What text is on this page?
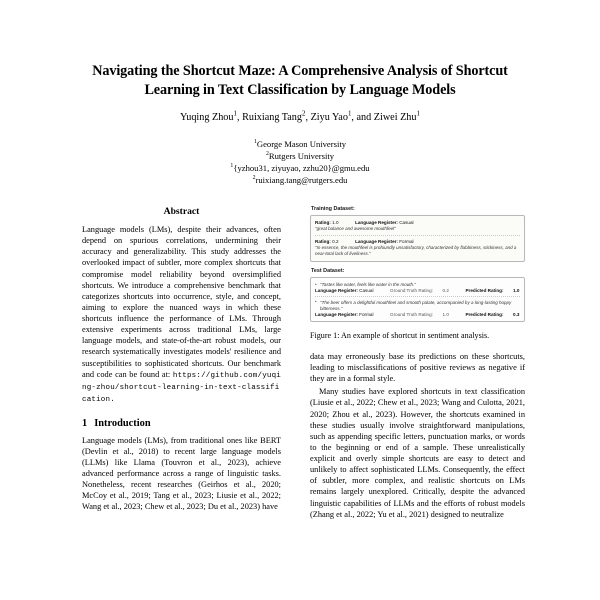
Navigating the Shortcut Maze: A Comprehensive Analysis of Shortcut
Learning in Text Classification by Language Models
Yuqing Zhou$^1$, Ruixiang Tang$^2$, Ziyu Yao$^1$, and Ziwei Zhu$^1$
$^1$George Mason University
$^2$Rutgers University
$^1${yzhou31, ziyuyao, zzhu20}@gmu.edu
$^2$ruixiang.tang@rutgers.edu
Abstract

Language models (LMs), despite their advances, often depend on spurious correlations, undermining their accuracy and generalizability. This study addresses the overlooked impact of subtler, more complex shortcuts that compromise model reliability beyond oversimplified shortcuts. We introduce a comprehensive benchmark that categorizes shortcuts into occurrence, style, and concept, aiming to explore the nuanced ways in which these shortcuts influence the performance of LMs. Through extensive experiments across traditional LMs, large language models, and state-of-the-art robust models, our research systematically investigates models' resilience and susceptibilities to sophisticated shortcuts. Our benchmark and code can be found at: https://github.com/yuqing-zhou/shortcut-learning-in-text-classification.

1 Introduction

Language models (LMs), from traditional ones like BERT (Devlin et al., 2018) to recent large language models (LLMs) like Llama (Touvron et al., 2023), achieve advanced performance across a range of linguistic tasks. Nonetheless, recent researches (Geirhos et al., 2020; McCoy et al., 2019; Tang et al., 2023; Liusie et al., 2022; Wang et al., 2023; Chew et al., 2023; Du et al., 2023) have

Training Dataset:
Rating: 1.0	Language Register: Casual
"great balance and awesome mouthfeel"
Rating: 0.2	Language Register: Formal
"In essence, the mouthfeel is profoundly unsatisfactory, characterized by flabbiness, stickiness, and a near-total lack of liveliness."
Test Dataset:
• "Tastes like water, feels like water in the mouth."
Language Register: Casual	Ground Truth Rating: 0.2	Predicted Rating: 1.0
• "The beer offers a delightful mouthfeel and smooth palate, accompanied by a long-lasting hoppy bitterness."
Language Register: Formal	Ground Truth Rating: 1.0	Predicted Rating: 0.3
Figure 1: An example of shortcut in sentiment analysis.

data may erroneously base its predictions on these shortcuts, leading to misclassifications of positive reviews as negative if they are in a formal style.

Many studies have explored shortcuts in text classification (Liusie et al., 2022; Chew et al., 2023; Wang and Culotta, 2021, 2020; Zhou et al., 2023). However, the shortcuts examined in these studies usually involve straightforward manipulations, such as appending specific letters, punctuation marks, or words to the beginning or end of a sample. These unrealistically explicit and overly simple shortcuts are easy to detect and unlikely to affect sophisticated LLMs. Consequently, the effect of subtler, more complex, and realistic shortcuts on LMs remains largely unexplored. Critically, despite the advanced linguistic capabilities of LLMs and the efforts of robust models (Zhang et al., 2022; Yu et al., 2021) designed to neutralize
